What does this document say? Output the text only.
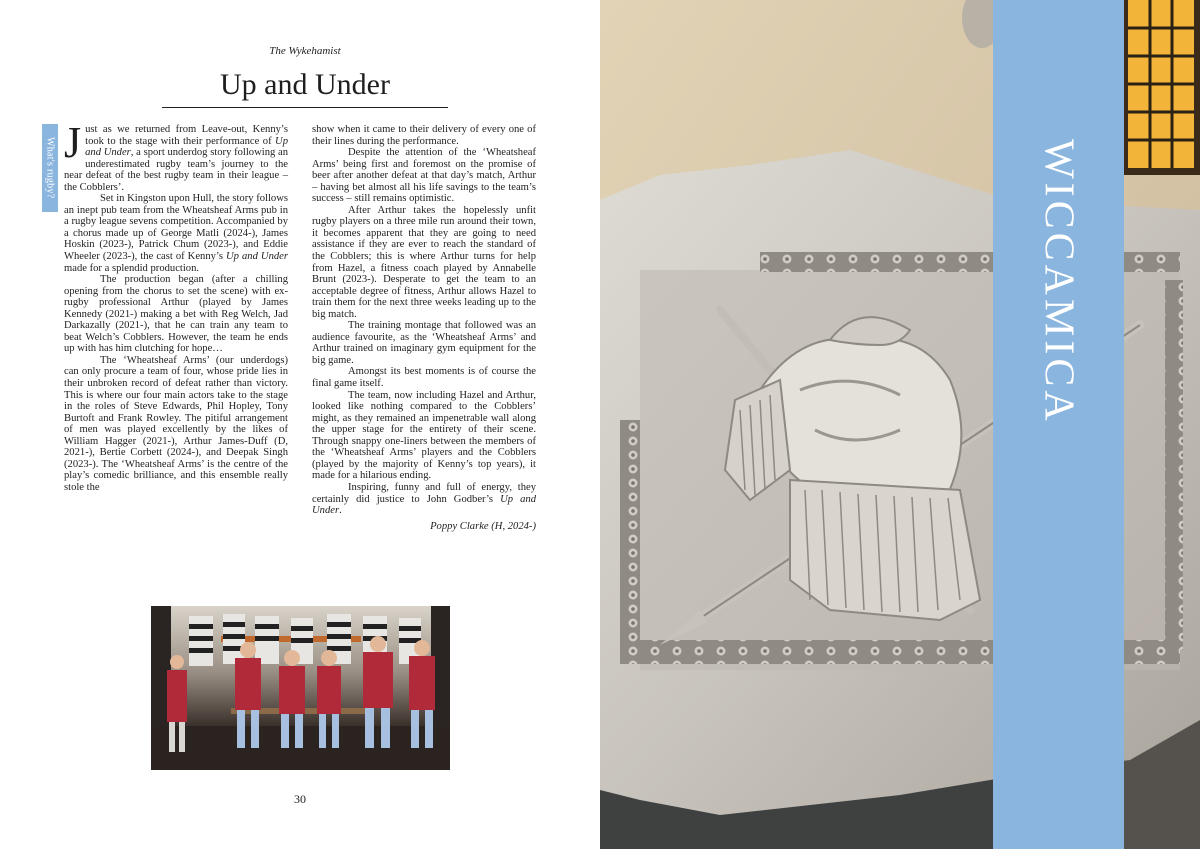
The Wykehamist
Up and Under
What's rugby? Just as we returned from Leave-out, Kenny’s took to the stage with their performance of Up and Under, a sport underdog story following an underestimated rugby team’s journey to the near defeat of the best rugby team in their league – the Cobblers’.

Set in Kingston upon Hull, the story follows an inept pub team from the Wheatsheaf Arms pub in a rugby league sevens competition. Accompanied by a chorus made up of George Matli (2024-), James Hoskin (2023-), Patrick Chum (2023-), and Eddie Wheeler (2023-), the cast of Kenny’s Up and Under made for a splendid production.

The production began (after a chilling opening from the chorus to set the scene) with ex-rugby professional Arthur (played by James Kennedy (2021-) making a bet with Reg Welch, Jad Darkazally (2021-), that he can train any team to beat Welch’s Cobblers. However, the team he ends up with has him clutching for hope…

The ‘Wheatsheaf Arms’ (our underdogs) can only procure a team of four, whose pride lies in their unbroken record of defeat rather than victory. This is where our four main actors take to the stage in the roles of Steve Edwards, Phil Hopley, Tony Burtoft and Frank Rowley. The pitiful arrangement of men was played excellently by the likes of William Hagger (2021-), Arthur James-Duff (D, 2021-), Bertie Corbett (2024-), and Deepak Singh (2023-). The ‘Wheatsheaf Arms’ is the centre of the play’s comedic brilliance, and this ensemble really stole the

show when it came to their delivery of every one of their lines during the performance.

Despite the attention of the ‘Wheatsheaf Arms’ being first and foremost on the promise of beer after another defeat at that day’s match, Arthur – having bet almost all his life savings to the team’s success – still remains optimistic.

After Arthur takes the hopelessly unfit rugby players on a three mile run around their town, it becomes apparent that they are going to need assistance if they are ever to reach the standard of the Cobblers; this is where Arthur turns for help from Hazel, a fitness coach played by Annabelle Brunt (2023-). Desperate to get the team to an acceptable degree of fitness, Arthur allows Hazel to train them for the next three weeks leading up to the big match.

The training montage that followed was an audience favourite, as the ‘Wheatsheaf Arms’ and Arthur trained on imaginary gym equipment for the big game.

Amongst its best moments is of course the final game itself.

The team, now including Hazel and Arthur, looked like nothing compared to the Cobblers’ might, as they remained an impenetrable wall along the upper stage for the entirety of their scene. Through snappy one-liners between the members of the ‘Wheatsheaf Arms’ players and the Cobblers (played by the majority of Kenny’s top years), it made for a hilarious ending.

Inspiring, funny and full of energy, they certainly did justice to John Godber’s Up and Under.

Poppy Clarke (H, 2024-)
30
WICCAMICA
